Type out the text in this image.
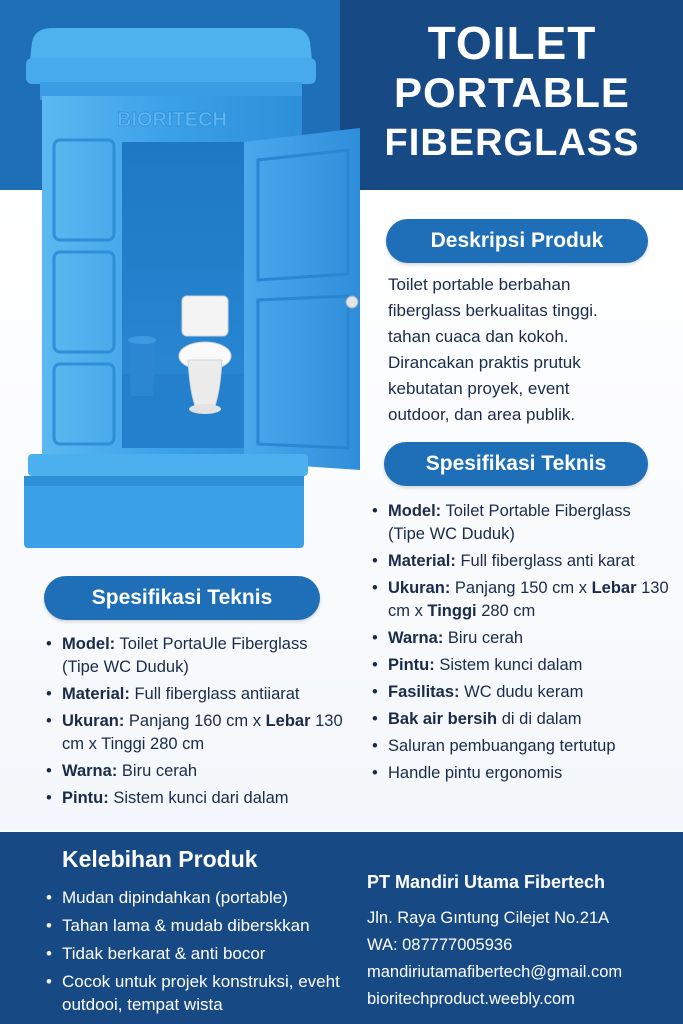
BIORITECH
TOILET
PORTABLE
FIBERGLASS
Deskripsi Produk
Toilet portable berbahan
fiberglass berkualitas tinggi.
tahan cuaca dan kokoh.
Dirancakan praktis prutuk
kebutatan proyek, event
outdoor, dan area publik.
Spesifikasi Teknis
• Model: Toilet Portable Fiberglass (Tipe WC Duduk)
• Material: Full fiberglass anti karat
• Ukuran: Panjang 150 cm x Lebar 130 cm x Tinggi 280 cm
• Warna: Biru cerah
• Pintu: Sistem kunci dalam
• Fasilitas: WC dudu keram
• Bak air bersih di di dalam
• Saluran pembuangang tertutup
• Handle pintu ergonomis
Spesifikasi Teknis
• Model: Toilet PortaUle Fiberglass (Tipe WC Duduk)
• Material: Full fiberglass antiiarat
• Ukuran: Panjang 160 cm x Lebar 130 cm x Tinggi 280 cm
• Warna: Biru cerah
• Pintu: Sistem kunci dari dalam
Kelebihan Produk
• Mudan dipindahkan (portable)
• Tahan lama & mudab diberskkan
• Tidak berkarat & anti bocor
• Cocok untuk projek konstruksi, eveht outdooi, tempat wista
PT Mandiri Utama Fibertech
Jln. Raya Gıntung Cilejet No.21A
WA: 087777005936
mandiriutamafibertech@gmail.com
bioritechproduct.weebly.com
